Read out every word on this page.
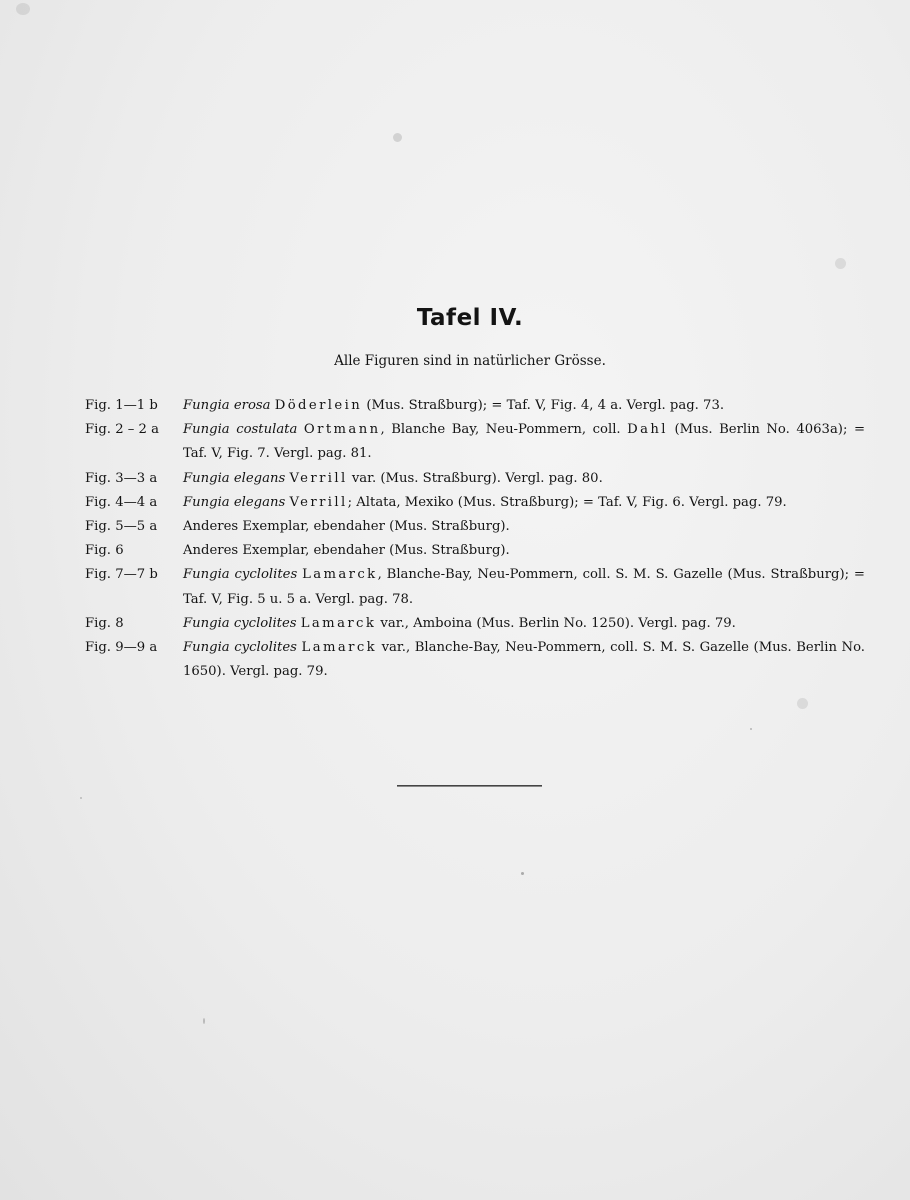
Tafel IV.
Alle Figuren sind in natürlicher Grösse.
Fig. 1—1 b	Fungia erosa Döderlein (Mus. Straßburg); = Taf. V, Fig. 4, 4 a. Vergl. pag. 73.
Fig. 2 – 2 a	Fungia costulata Ortmann, Blanche Bay, Neu-Pommern, coll. Dahl (Mus. Berlin No. 4063a); = Taf. V, Fig. 7. Vergl. pag. 81.
Fig. 3—3 a	Fungia elegans Verrill var. (Mus. Straßburg). Vergl. pag. 80.
Fig. 4—4 a	Fungia elegans Verrill; Altata, Mexiko (Mus. Straßburg); = Taf. V, Fig. 6. Vergl. pag. 79.
Fig. 5—5 a	Anderes Exemplar, ebendaher (Mus. Straßburg).
Fig. 6	Anderes Exemplar, ebendaher (Mus. Straßburg).
Fig. 7—7 b	Fungia cyclolites Lamarck, Blanche-Bay, Neu-Pommern, coll. S. M. S. Gazelle (Mus. Straßburg); = Taf. V, Fig. 5 u. 5 a. Vergl. pag. 78.
Fig. 8	Fungia cyclolites Lamarck var., Amboina (Mus. Berlin No. 1250). Vergl. pag. 79.
Fig. 9—9 a	Fungia cyclolites Lamarck var., Blanche-Bay, Neu-Pommern, coll. S. M. S. Gazelle (Mus. Berlin No. 1650). Vergl. pag. 79.
